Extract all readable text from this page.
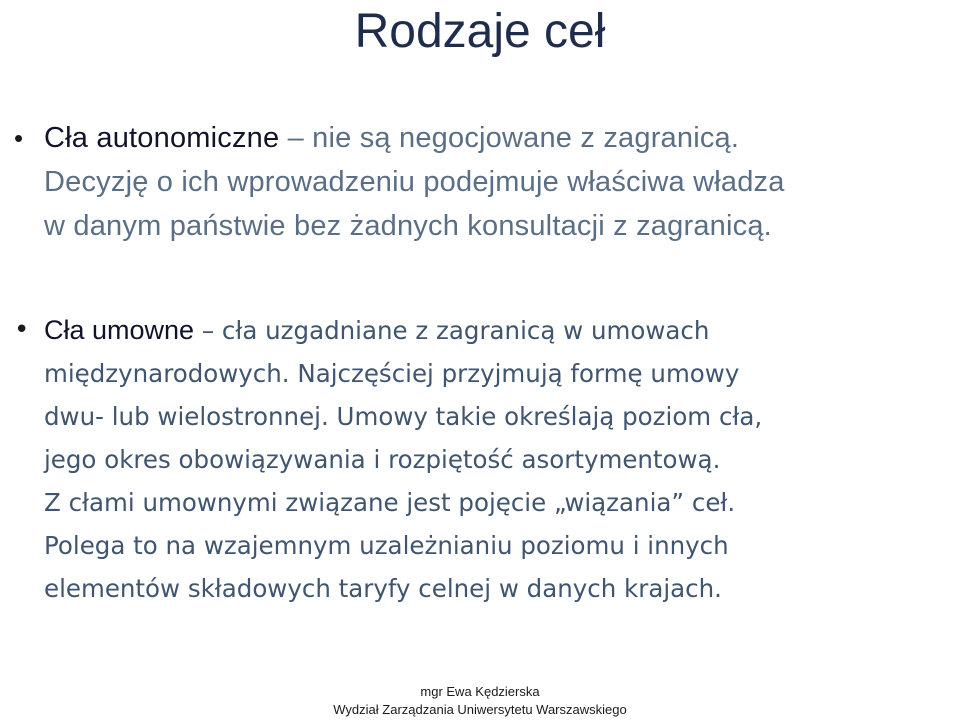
Rodzaje ceł
• Cła autonomiczne – nie są negocjowane z zagranicą.
Decyzję o ich wprowadzeniu podejmuje właściwa władza
w danym państwie bez żadnych konsultacji z zagranicą.
• Cła umowne – cła uzgadniane z zagranicą w umowach
międzynarodowych. Najczęściej przyjmują formę umowy
dwu- lub wielostronnej. Umowy takie określają poziom cła,
jego okres obowiązywania i rozpiętość asortymentową.
Z cłami umownymi związane jest pojęcie „wiązania” ceł.
Polega to na wzajemnym uzależnianiu poziomu i innych
elementów składowych taryfy celnej w danych krajach.
mgr Ewa Kędzierska
Wydział Zarządzania Uniwersytetu Warszawskiego
